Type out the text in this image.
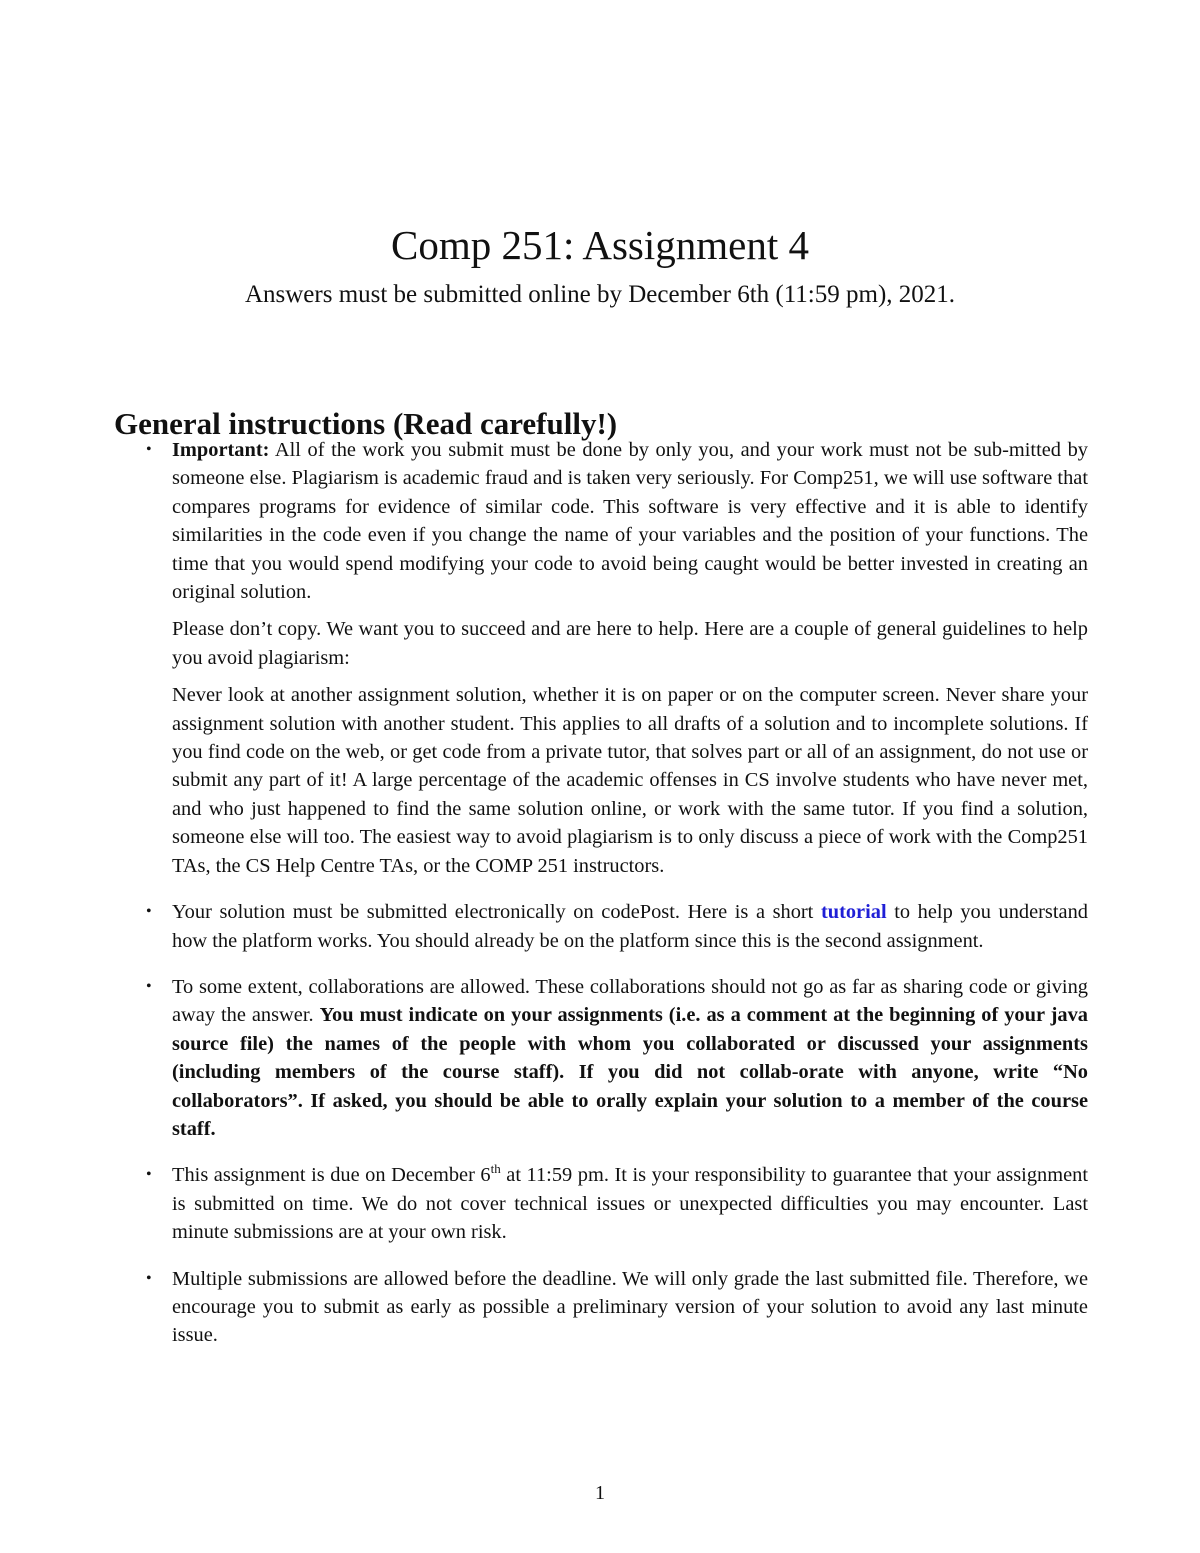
Comp 251: Assignment 4
Answers must be submitted online by December 6th (11:59 pm), 2021.
General instructions (Read carefully!)
• Important: All of the work you submit must be done by only you, and your work must not be sub-mitted by someone else. Plagiarism is academic fraud and is taken very seriously. For Comp251, we will use software that compares programs for evidence of similar code. This software is very effective and it is able to identify similarities in the code even if you change the name of your variables and the position of your functions. The time that you would spend modifying your code to avoid being caught would be better invested in creating an original solution.

Please don’t copy. We want you to succeed and are here to help. Here are a couple of general guidelines to help you avoid plagiarism:

Never look at another assignment solution, whether it is on paper or on the computer screen. Never share your assignment solution with another student. This applies to all drafts of a solution and to incomplete solutions. If you find code on the web, or get code from a private tutor, that solves part or all of an assignment, do not use or submit any part of it! A large percentage of the academic offenses in CS involve students who have never met, and who just happened to find the same solution online, or work with the same tutor. If you find a solution, someone else will too. The easiest way to avoid plagiarism is to only discuss a piece of work with the Comp251 TAs, the CS Help Centre TAs, or the COMP 251 instructors.

• Your solution must be submitted electronically on codePost. Here is a short tutorial to help you understand how the platform works. You should already be on the platform since this is the second assignment.

• To some extent, collaborations are allowed. These collaborations should not go as far as sharing code or giving away the answer. You must indicate on your assignments (i.e. as a comment at the beginning of your java source file) the names of the people with whom you collaborated or discussed your assignments (including members of the course staff). If you did not collab-orate with anyone, write “No collaborators”. If asked, you should be able to orally explain your solution to a member of the course staff.

• This assignment is due on December 6th at 11:59 pm. It is your responsibility to guarantee that your assignment is submitted on time. We do not cover technical issues or unexpected difficulties you may encounter. Last minute submissions are at your own risk.

• Multiple submissions are allowed before the deadline. We will only grade the last submitted file. Therefore, we encourage you to submit as early as possible a preliminary version of your solution to avoid any last minute issue.

1
